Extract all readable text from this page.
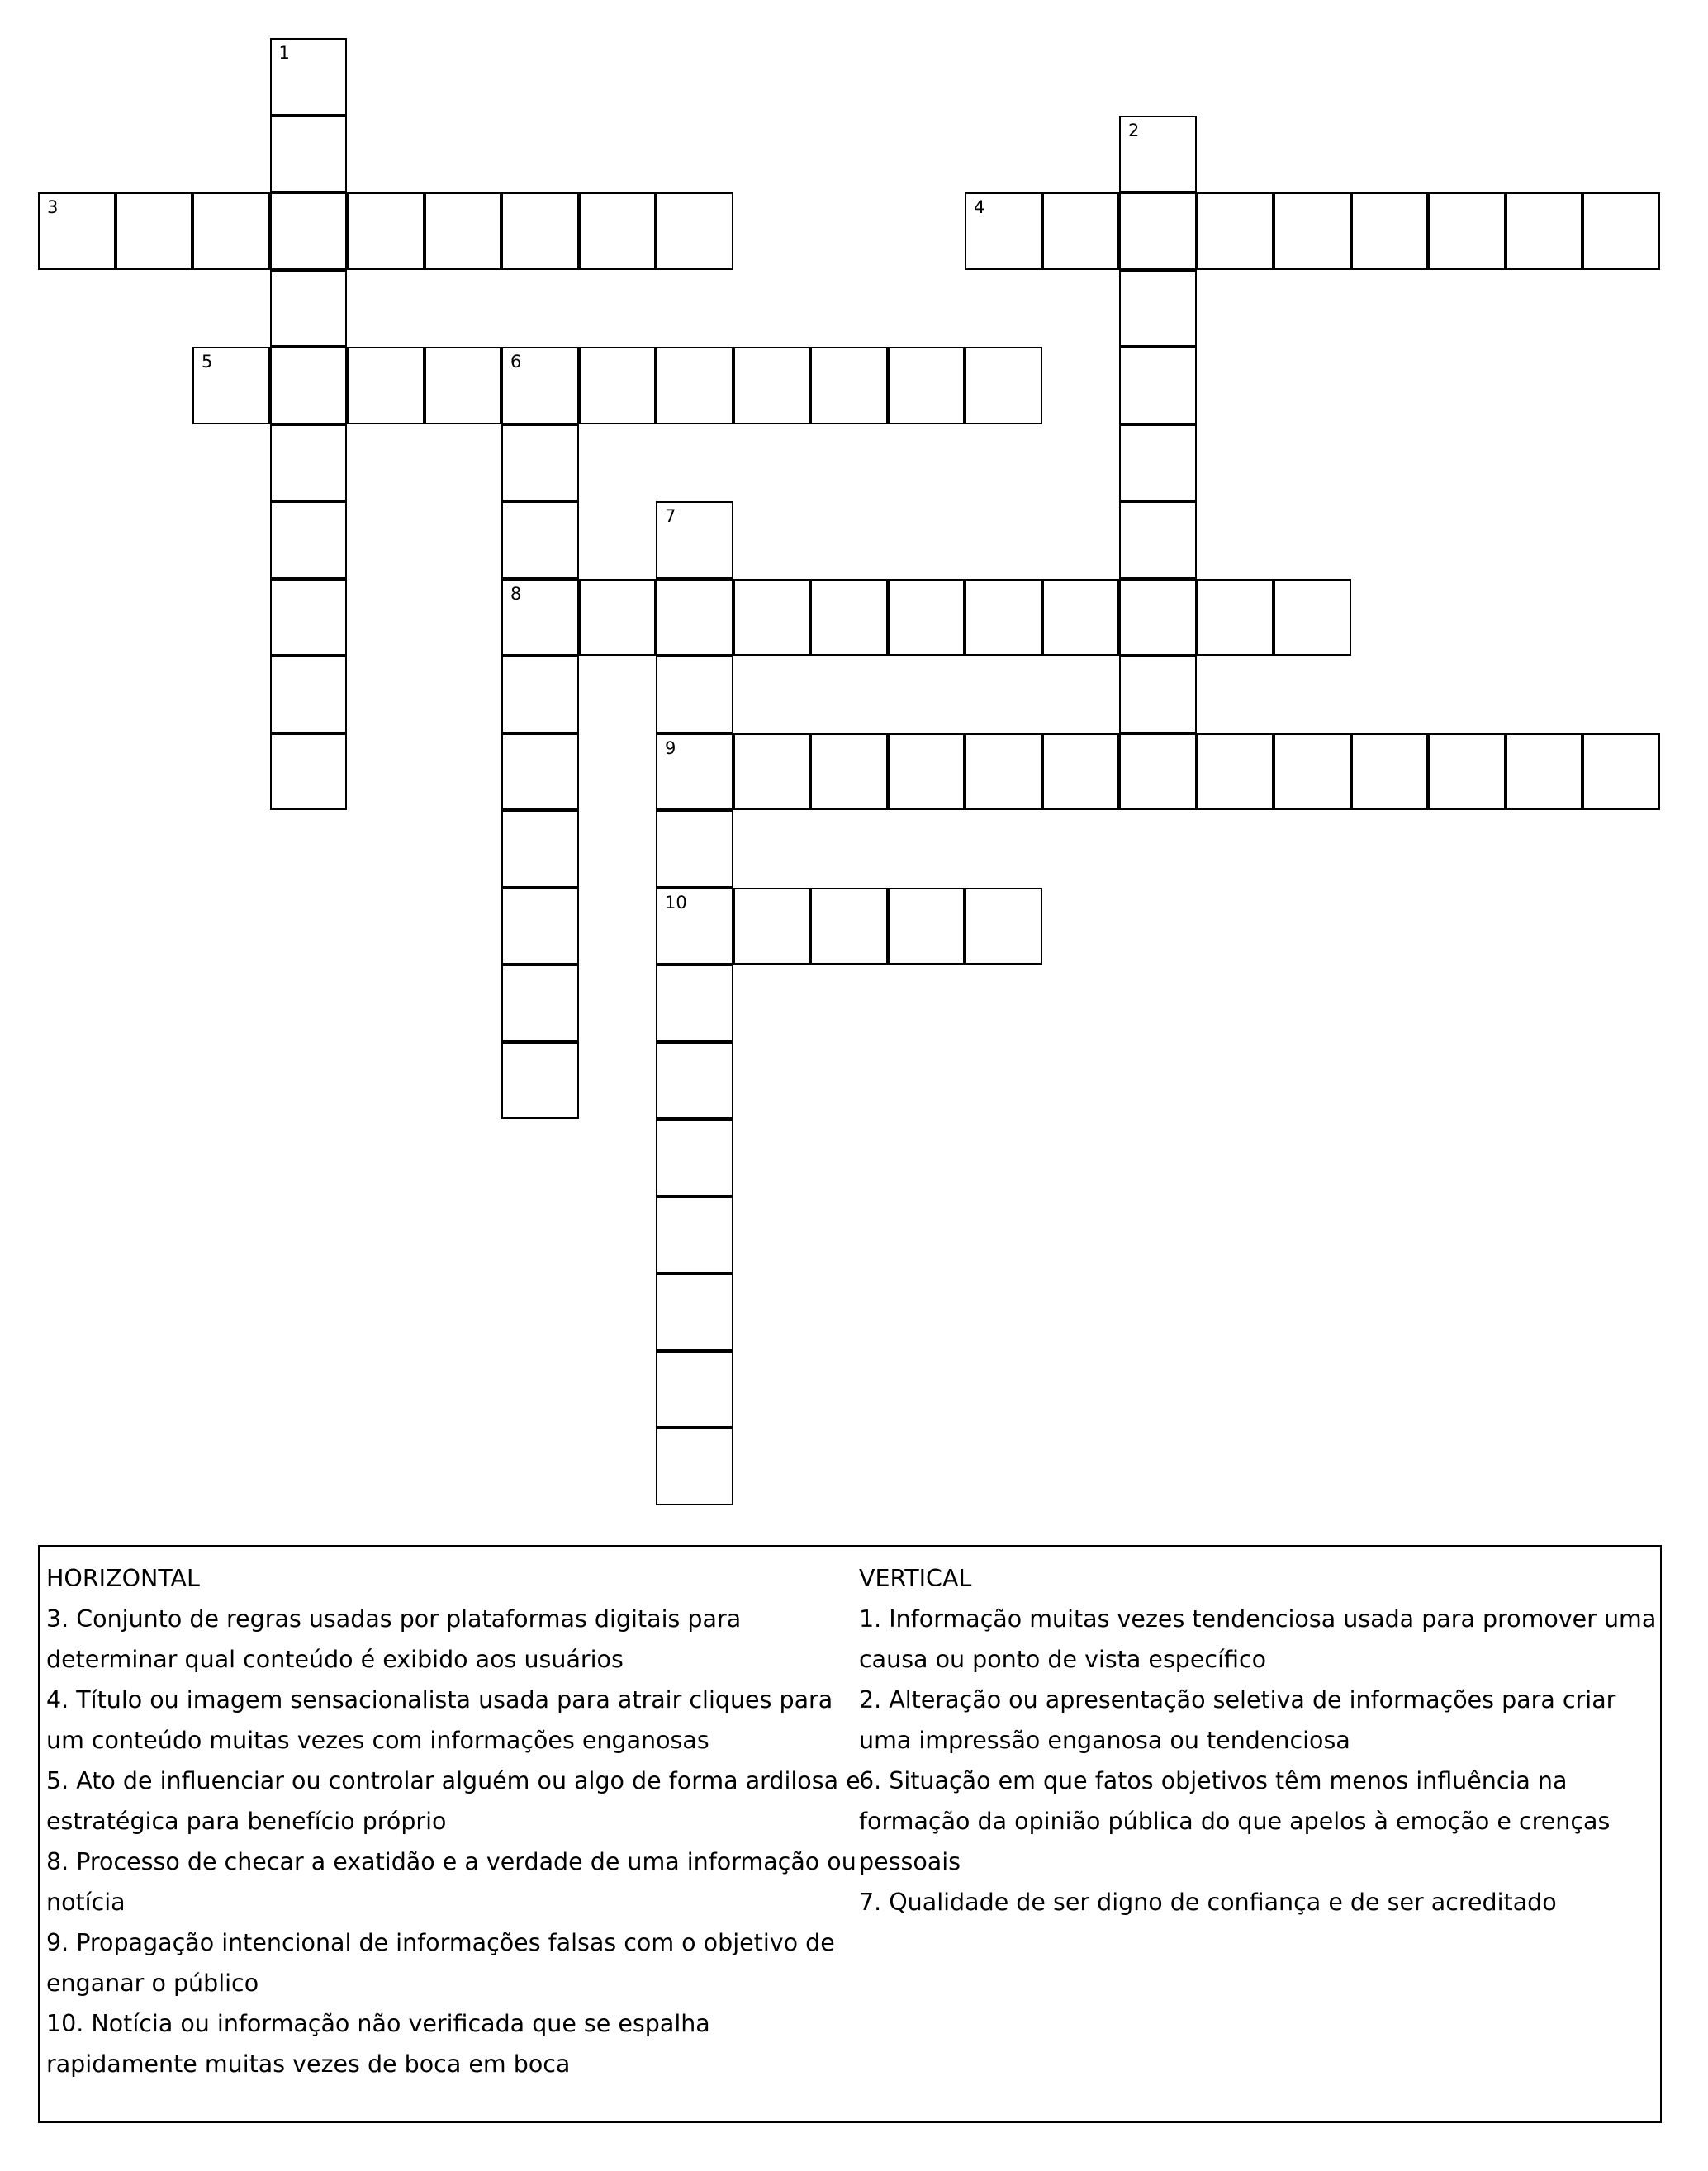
1
2
3	4
5	6
8
7
9
10

HORIZONTAL

3. Conjunto de regras usadas por plataformas digitais para determinar qual conteúdo é exibido aos usuários

4. Título ou imagem sensacionalista usada para atrair cliques para um conteúdo muitas vezes com informações enganosas

5. Ato de influenciar ou controlar alguém ou algo de forma ardilosa e estratégica para benefício próprio

8. Processo de checar a exatidão e a verdade de uma informação ou notícia

9. Propagação intencional de informações falsas com o objetivo de enganar o público

10. Notícia ou informação não verificada que se espalha rapidamente muitas vezes de boca em boca

VERTICAL

1. Informação muitas vezes tendenciosa usada para promover uma causa ou ponto de vista específico

2. Alteração ou apresentação seletiva de informações para criar uma impressão enganosa ou tendenciosa

6. Situação em que fatos objetivos têm menos influência na formação da opinião pública do que apelos à emoção e crenças pessoais

7. Qualidade de ser digno de confiança e de ser acreditado
